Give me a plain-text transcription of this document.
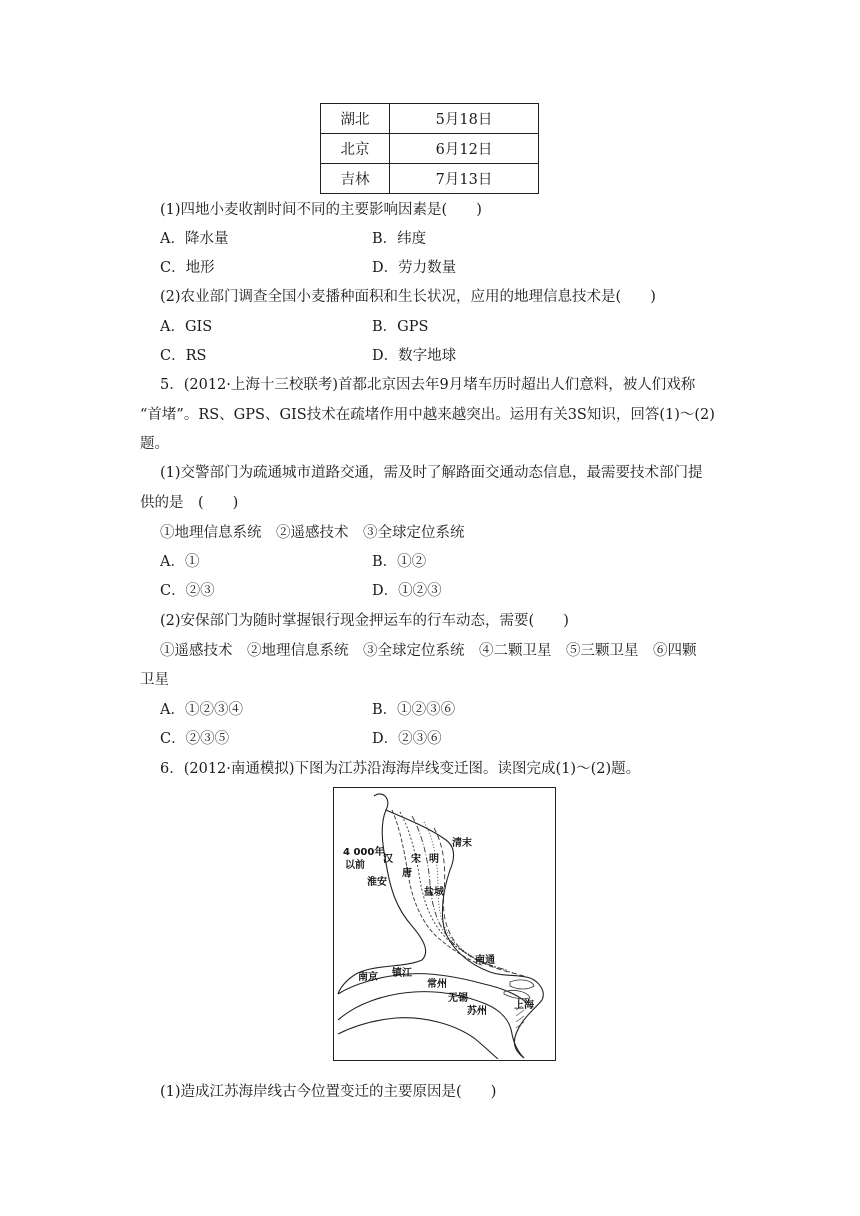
湖北	5月18日
北京	6月12日
吉林	7月13日
(1)四地小麦收割时间不同的主要影响因素是(　　)
A．降水量	B．纬度
C．地形	D．劳力数量
(2)农业部门调查全国小麦播种面积和生长状况，应用的地理信息技术是(　　)
A．GIS	B．GPS
C．RS	D．数字地球
5．(2012·上海十三校联考)首都北京因去年9月堵车历时超出人们意料，被人们戏称
“首堵”。RS、GPS、GIS技术在疏堵作用中越来越突出。运用有关3S知识，回答(1)～(2)
题。
(1)交警部门为疏通城市道路交通，需及时了解路面交通动态信息，最需要技术部门提
供的是　(　　)
①地理信息系统　②遥感技术　③全球定位系统
A．①	B．①②
C．②③	D．①②③
(2)安保部门为随时掌握银行现金押运车的行车动态，需要(　　)
①遥感技术　②地理信息系统　③全球定位系统　④二颗卫星　⑤三颗卫星　⑥四颗
卫星
A．①②③④	B．①②③⑥
C．②③⑤	D．②③⑥
6．(2012·南通模拟)下图为江苏沿海海岸线变迁图。读图完成(1)～(2)题。
清末
明
宋
汉
唐
4 000年
以前
淮安
盐城
南通
南京 镇江
常州
无锡
苏州
上海
(1)造成江苏海岸线古今位置变迁的主要原因是(　　)
